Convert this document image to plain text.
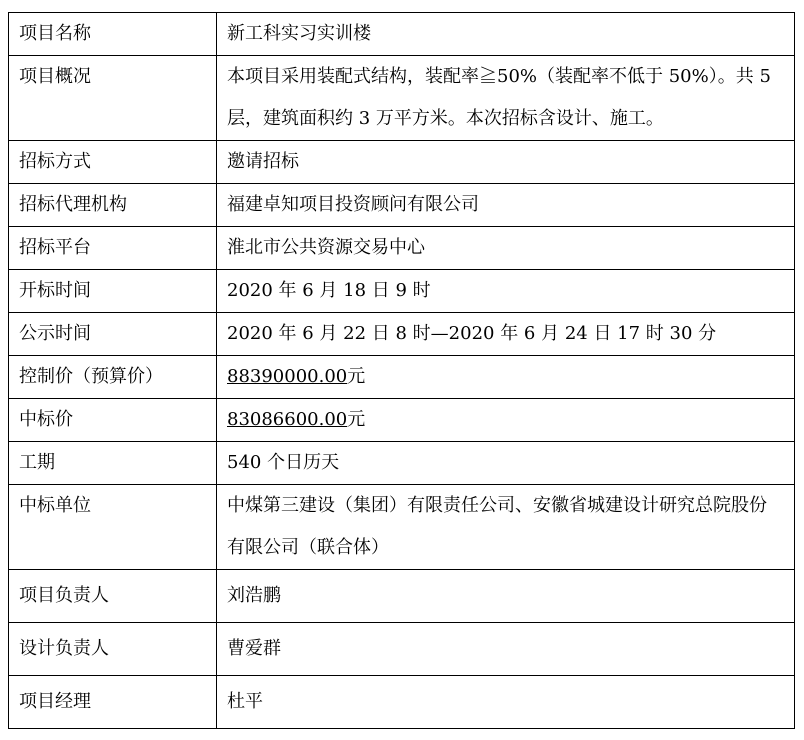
项目名称	新工科实习实训楼
项目概况	本项目采用装配式结构，装配率≧50%（装配率不低于 50%）。共 5 层，建筑面积约 3 万平方米。本次招标含设计、施工。
招标方式	邀请招标
招标代理机构	福建卓知项目投资顾问有限公司
招标平台	淮北市公共资源交易中心
开标时间	2020 年 6 月 18 日 9 时
公示时间	2020 年 6 月 22 日 8 时—2020 年 6 月 24 日 17 时 30 分
控制价（预算价）	88390000.00元
中标价	83086600.00元
工期	540 个日历天
中标单位	中煤第三建设（集团）有限责任公司、安徽省城建设计研究总院股份有限公司（联合体）
项目负责人	刘浩鹏
设计负责人	曹爱群
项目经理	杜平
